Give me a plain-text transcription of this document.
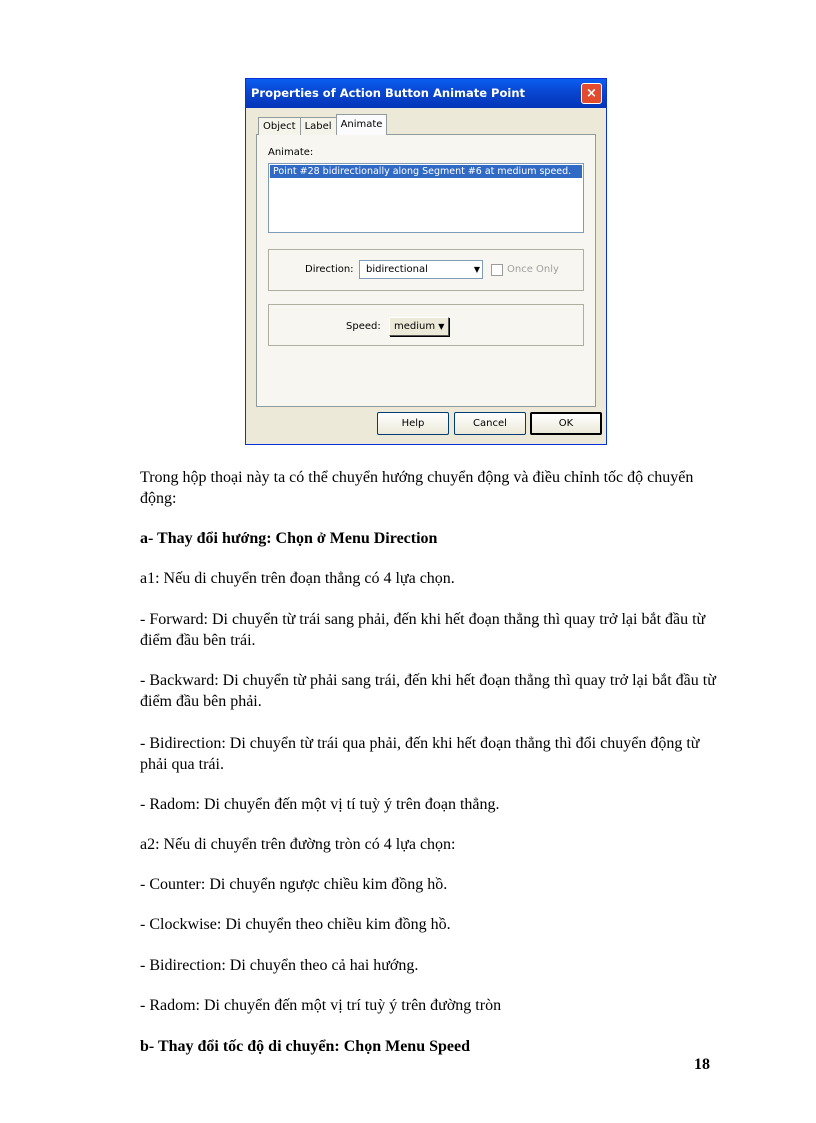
Properties of Action Button Animate Point	×
Object Label Animate
Animate:
Point #28 bidirectionally along Segment #6 at medium speed.
Direction:	bidirectional	▼	Once Only
Speed:	medium ▼
Help	Cancel	OK

Trong hộp thoại này ta có thể chuyển hướng chuyển động và điều chỉnh tốc độ chuyển động:

a- Thay đổi hướng: Chọn ở Menu Direction

a1: Nếu di chuyển trên đoạn thẳng có 4 lựa chọn.

- Forward: Di chuyển từ trái sang phải, đến khi hết đoạn thẳng thì quay trở lại bắt đầu từ điểm đầu bên trái.

- Backward: Di chuyển từ phải sang trái, đến khi hết đoạn thẳng thì quay trở lại bắt đầu từ điểm đầu bên phải.

- Bidirection: Di chuyển từ trái qua phải, đến khi hết đoạn thẳng thì đổi chuyển động từ phải qua trái.

- Radom: Di chuyển đến một vị tí tuỳ ý trên đoạn thẳng.

a2: Nếu di chuyển trên đường tròn có 4 lựa chọn:

- Counter: Di chuyển ngược chiều kim đồng hồ.

- Clockwise: Di chuyển theo chiều kim đồng hồ.

- Bidirection: Di chuyển theo cả hai hướng.

- Radom: Di chuyển đến một vị trí tuỳ ý trên đường tròn

b- Thay đổi tốc độ di chuyển: Chọn Menu Speed

18
